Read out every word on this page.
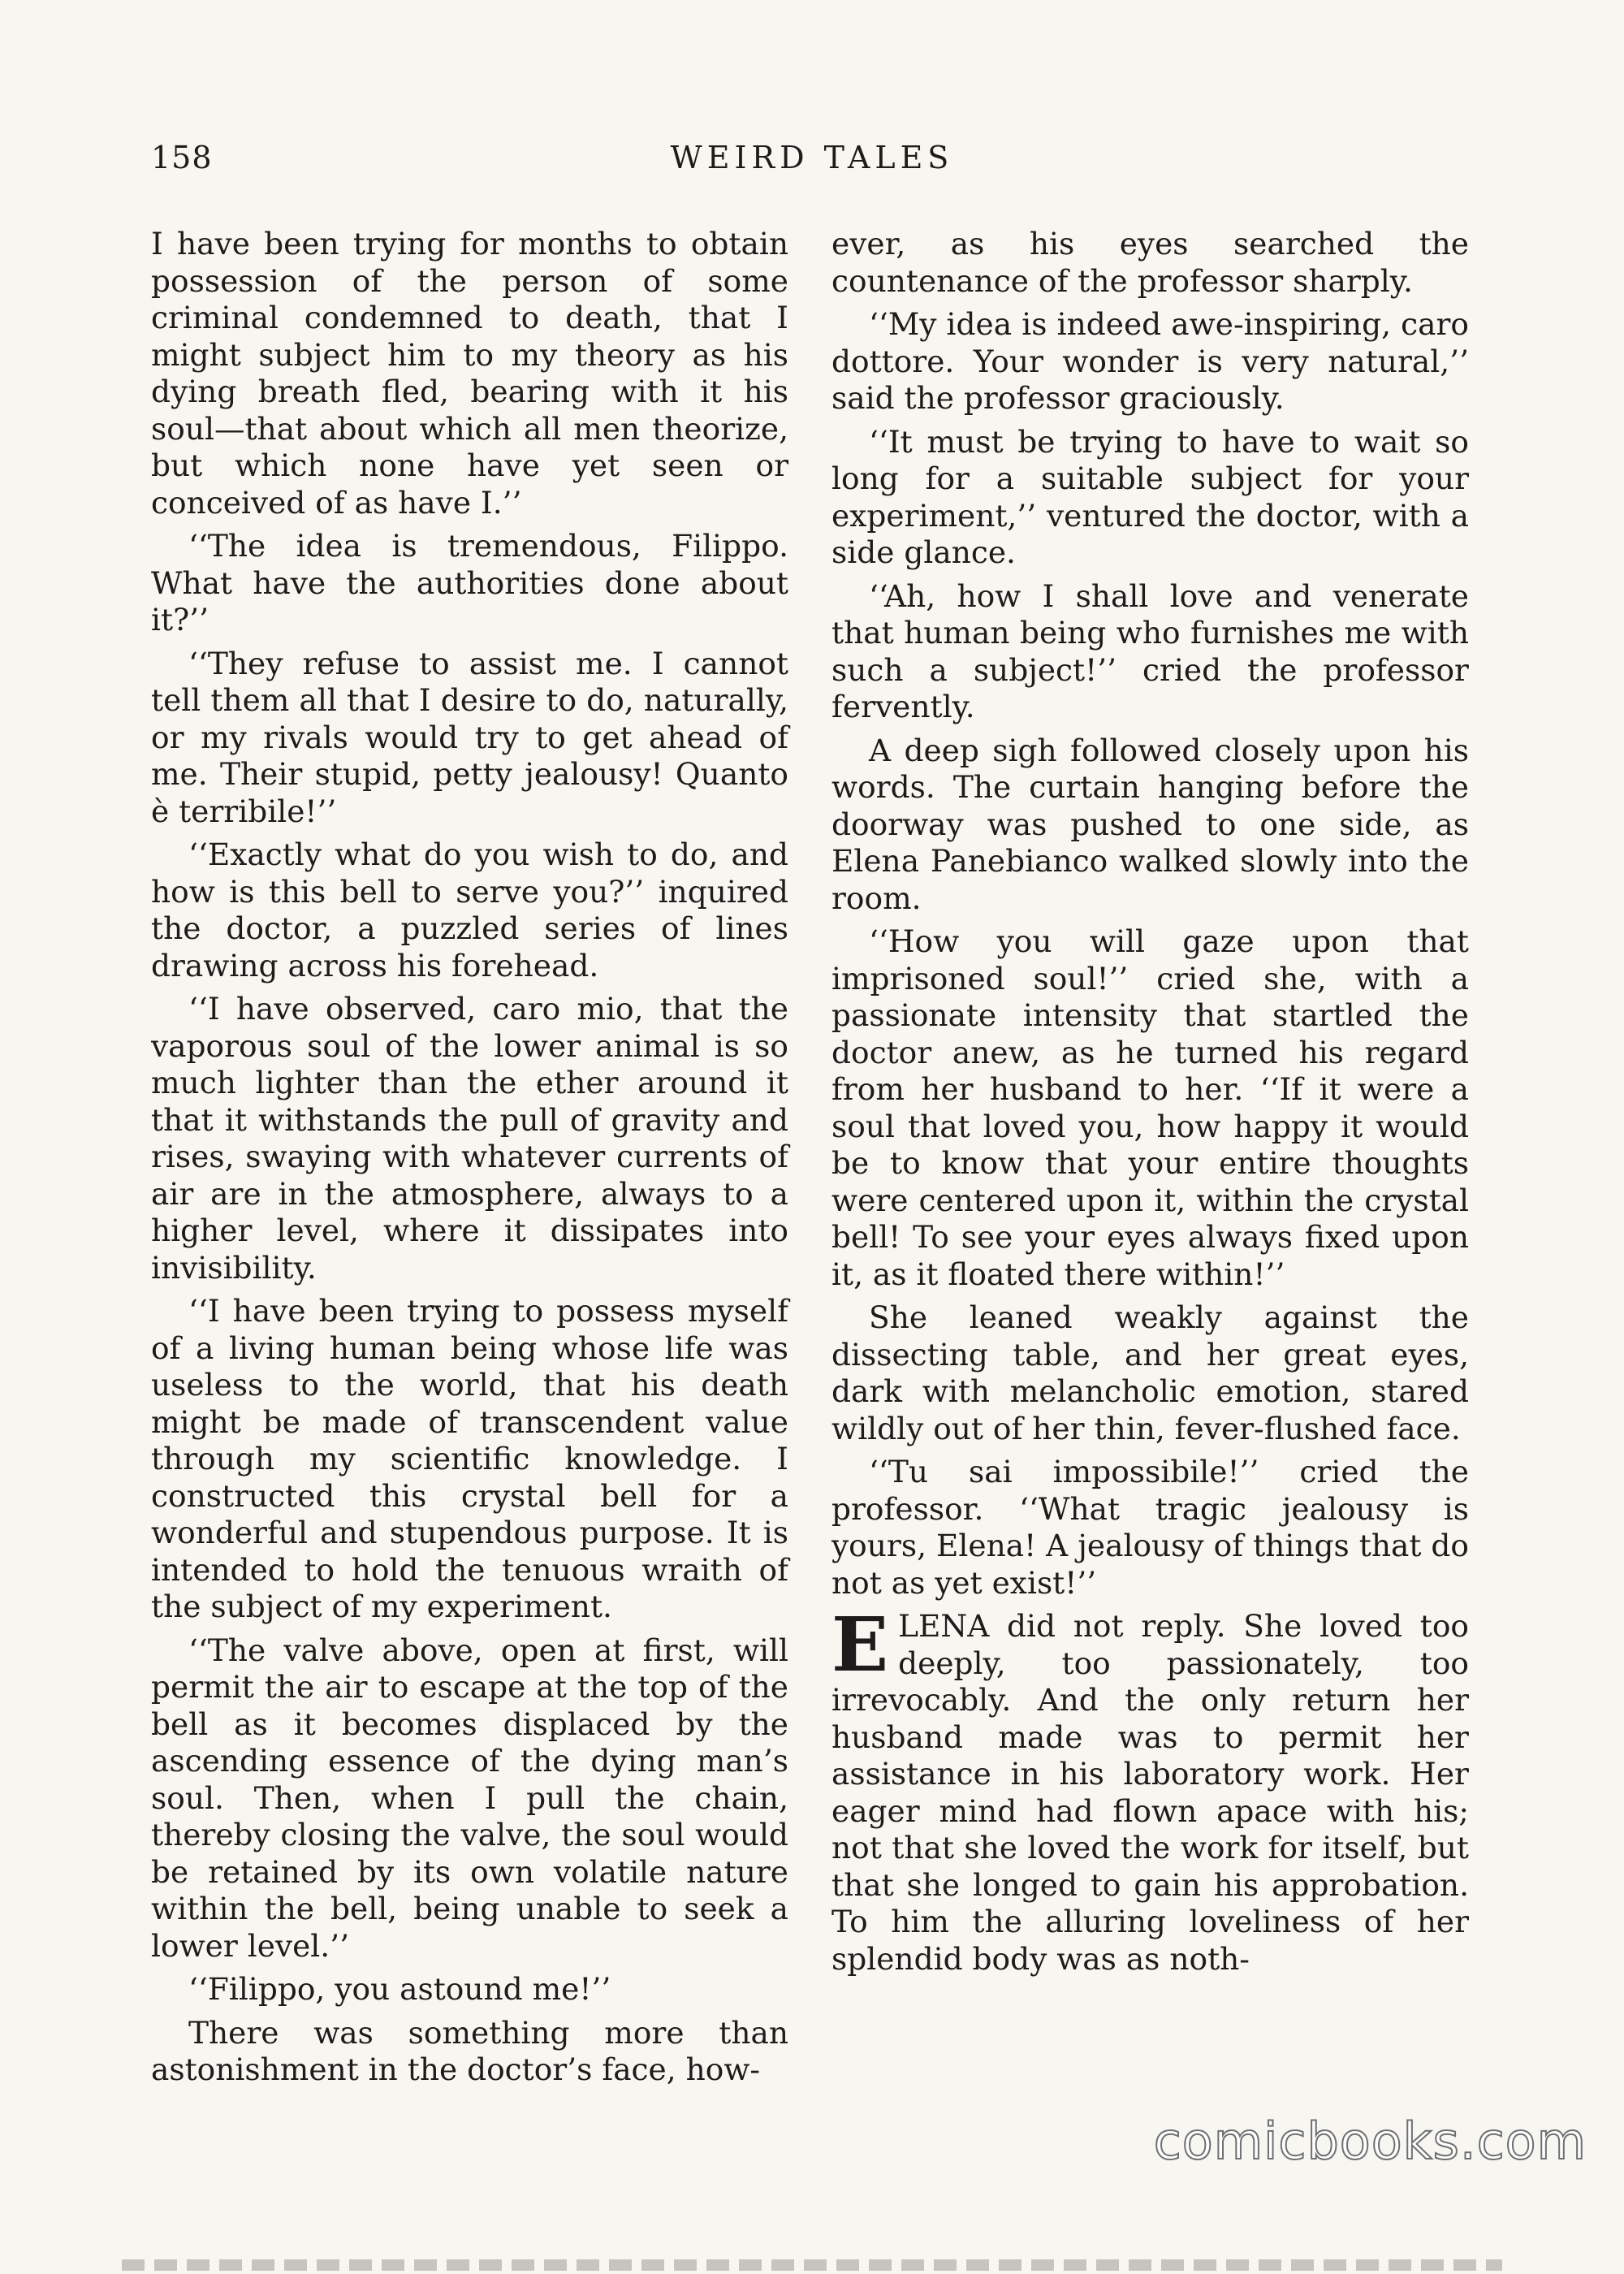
158	WEIRD TALES

I have been trying for months to obtain possession of the person of some criminal condemned to death, that I might subject him to my theory as his dying breath fled, bearing with it his soul—that about which all men theorize, but which none have yet seen or conceived of as have I.’’

‘‘The idea is tremendous, Filippo. What have the authorities done about it?’’

‘‘They refuse to assist me. I cannot tell them all that I desire to do, naturally, or my rivals would try to get ahead of me. Their stupid, petty jealousy! Quanto è terribile!’’

‘‘Exactly what do you wish to do, and how is this bell to serve you?’’ inquired the doctor, a puzzled series of lines drawing across his forehead.

‘‘I have observed, caro mio, that the vaporous soul of the lower animal is so much lighter than the ether around it that it withstands the pull of gravity and rises, swaying with whatever currents of air are in the atmosphere, always to a higher level, where it dissipates into invisibility.

‘‘I have been trying to possess myself of a living human being whose life was useless to the world, that his death might be made of transcendent value through my scientific knowledge. I constructed this crystal bell for a wonderful and stupendous purpose. It is intended to hold the tenuous wraith of the subject of my experiment.

‘‘The valve above, open at first, will permit the air to escape at the top of the bell as it becomes displaced by the ascending essence of the dying man’s soul. Then, when I pull the chain, thereby closing the valve, the soul would be retained by its own volatile nature within the bell, being unable to seek a lower level.’’

‘‘Filippo, you astound me!’’

There was something more than astonishment in the doctor’s face, how-

ever, as his eyes searched the countenance of the professor sharply.

‘‘My idea is indeed awe-inspiring, caro dottore. Your wonder is very natural,’’ said the professor graciously.

‘‘It must be trying to have to wait so long for a suitable subject for your experiment,’’ ventured the doctor, with a side glance.

‘‘Ah, how I shall love and venerate that human being who furnishes me with such a subject!’’ cried the professor fervently.

A deep sigh followed closely upon his words. The curtain hanging before the doorway was pushed to one side, as Elena Panebianco walked slowly into the room.

‘‘How you will gaze upon that imprisoned soul!’’ cried she, with a passionate intensity that startled the doctor anew, as he turned his regard from her husband to her. ‘‘If it were a soul that loved you, how happy it would be to know that your entire thoughts were centered upon it, within the crystal bell! To see your eyes always fixed upon it, as it floated there within!’’

She leaned weakly against the dissecting table, and her great eyes, dark with melancholic emotion, stared wildly out of her thin, fever-flushed face.

‘‘Tu sai impossibile!’’ cried the professor. ‘‘What tragic jealousy is yours, Elena! A jealousy of things that do not as yet exist!’’

ELENA did not reply. She loved too deeply, too passionately, too irrevocably. And the only return her husband made was to permit her assistance in his laboratory work. Her eager mind had flown apace with his; not that she loved the work for itself, but that she longed to gain his approbation. To him the alluring loveliness of her splendid body was as noth-

comicbooks.com
